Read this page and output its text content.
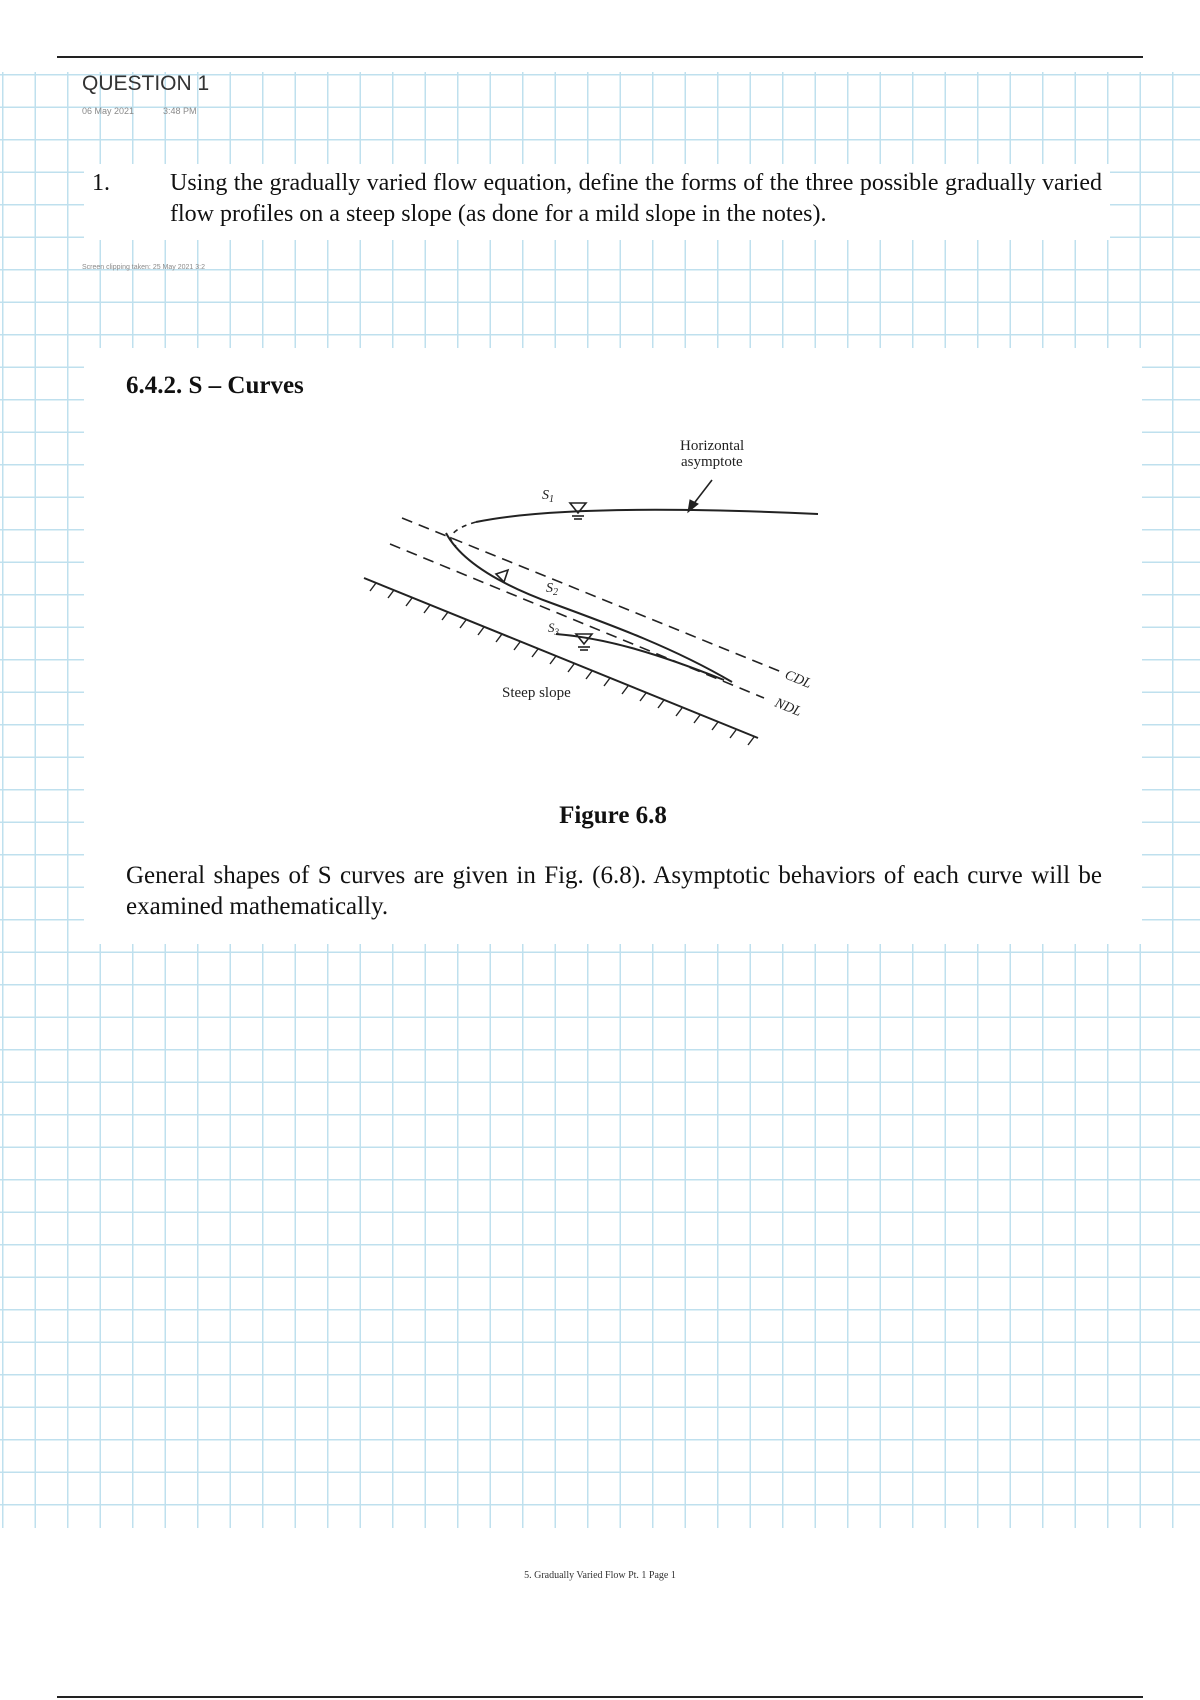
QUESTION 1
06 May 2021	3:48 PM
1.	Using the gradually varied flow equation, define the forms of the three possible gradually varied flow profiles on a steep slope (as done for a mild slope in the notes).
Screen clipping taken: 25 May 2021 3:2
6.4.2. S – Curves
Horizontal
asymptote
$S_1$
$S_2$
$S_3$
CDL
NDL
Steep slope
Figure 6.8
General shapes of S curves are given in Fig. (6.8). Asymptotic behaviors of each curve will be examined mathematically.
5. Gradually Varied Flow Pt. 1 Page 1
